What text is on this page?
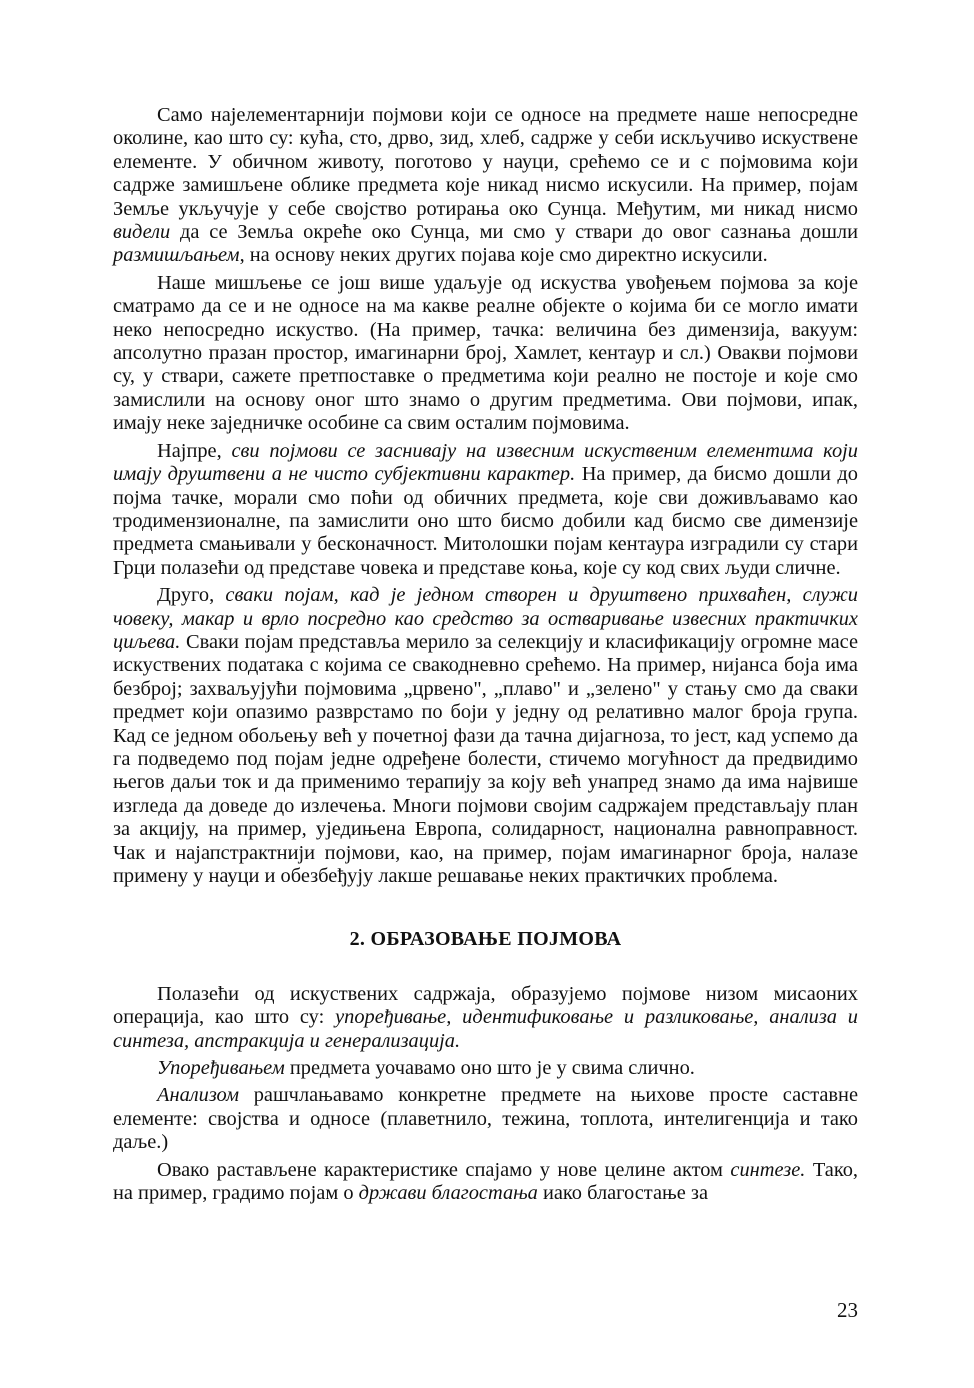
Само најелементарнији појмови који се односе на предмете наше непосредне околине, као што су: кућа, сто, дрво, зид, хлеб, садрже у себи искључиво искуствене елементе. У обичном животу, поготово у науци, срећемо се и с појмовима који садрже замишљене облике предмета које никад нисмо искусили. На пример, појам Земље укључује у себе својство ротирања око Сунца. Међутим, ми никад нисмо видели да се Земља окреће око Сунца, ми смо у ствари до овог сазнања дошли размишљањем, на основу неких других појава које смо директно искусили.

Наше мишљење се још више удаљује од искуства увођењем појмова за које сматрамо да се и не односе на ма какве реалне објекте о којима би се могло имати неко непосредно искуство. (На пример, тачка: величина без димензија, вакуум: апсолутно празан простор, имагинарни број, Хамлет, кентаур и сл.) Овакви појмови су, у ствари, сажете претпоставке о предметима који реално не постоје и које смо замислили на основу оног што знамо о другим предметима. Ови појмови, ипак, имају неке заједничке особине са свим осталим појмовима.

Најпре, сви појмови се заснивају на извесним искуственим елементима који имају друштвени а не чисто субјективни карактер. На пример, да бисмо дошли до појма тачке, морали смо поћи од обичних предмета, које сви доживљавамо као тродимензионалне, па замислити оно што бисмо добили кад бисмо све димензије предмета смањивали у бесконачност. Митолошки појам кентаура изградили су стари Грци полазећи од представе човека и представе коња, које су код свих људи сличне.

Друго, сваки појам, кад је једном створен и друштвено прихваћен, служи човеку, макар и врло посредно као средство за остваривање извесних практичких циљева. Сваки појам представља мерило за селекцију и класификацију огромне масе искуствених података с којима се свакодневно срећемо. На пример, нијанса боја има безброј; захваљујући појмовима „црвено", „плаво" и „зелено" у стању смо да сваки предмет који опазимо разврстамо по боји у једну од релативно малог броја група. Кад се једном обољењу већ у почетној фази да тачна дијагноза, то јест, кад успемо да га подведемо под појам једне одређене болести, стичемо могућност да предвидимо његов даљи ток и да применимо терапију за коју већ унапред знамо да има највише изгледа да доведе до излечења. Многи појмови својим садржајем представљају план за акцију, на пример, уједињена Европа, солидарност, национална равноправност. Чак и најапстрактнији појмови, као, на пример, појам имагинарног броја, налазе примену у науци и обезбеђују лакше решавање неких практичких проблема.

2. ОБРАЗОВАЊЕ ПОЈМОВА

Полазећи од искуствених садржаја, образујемо појмове низом мисаоних операција, као што су: упоређивање, идентификовање и разликовање, анализа и синтеза, апстракција и генерализација.

Упоређивањем предмета уочавамо оно што је у свима слично.

Анализом рашчлањавамо конкретне предмете на њихове просте саставне елементе: својства и односе (плаветнило, тежина, топлота, интелигенција и тако даље.)

Овако растављене карактеристике спајамо у нове целине актом синтезе. Тако, на пример, градимо појам о држави благостања иако благостање за

23
